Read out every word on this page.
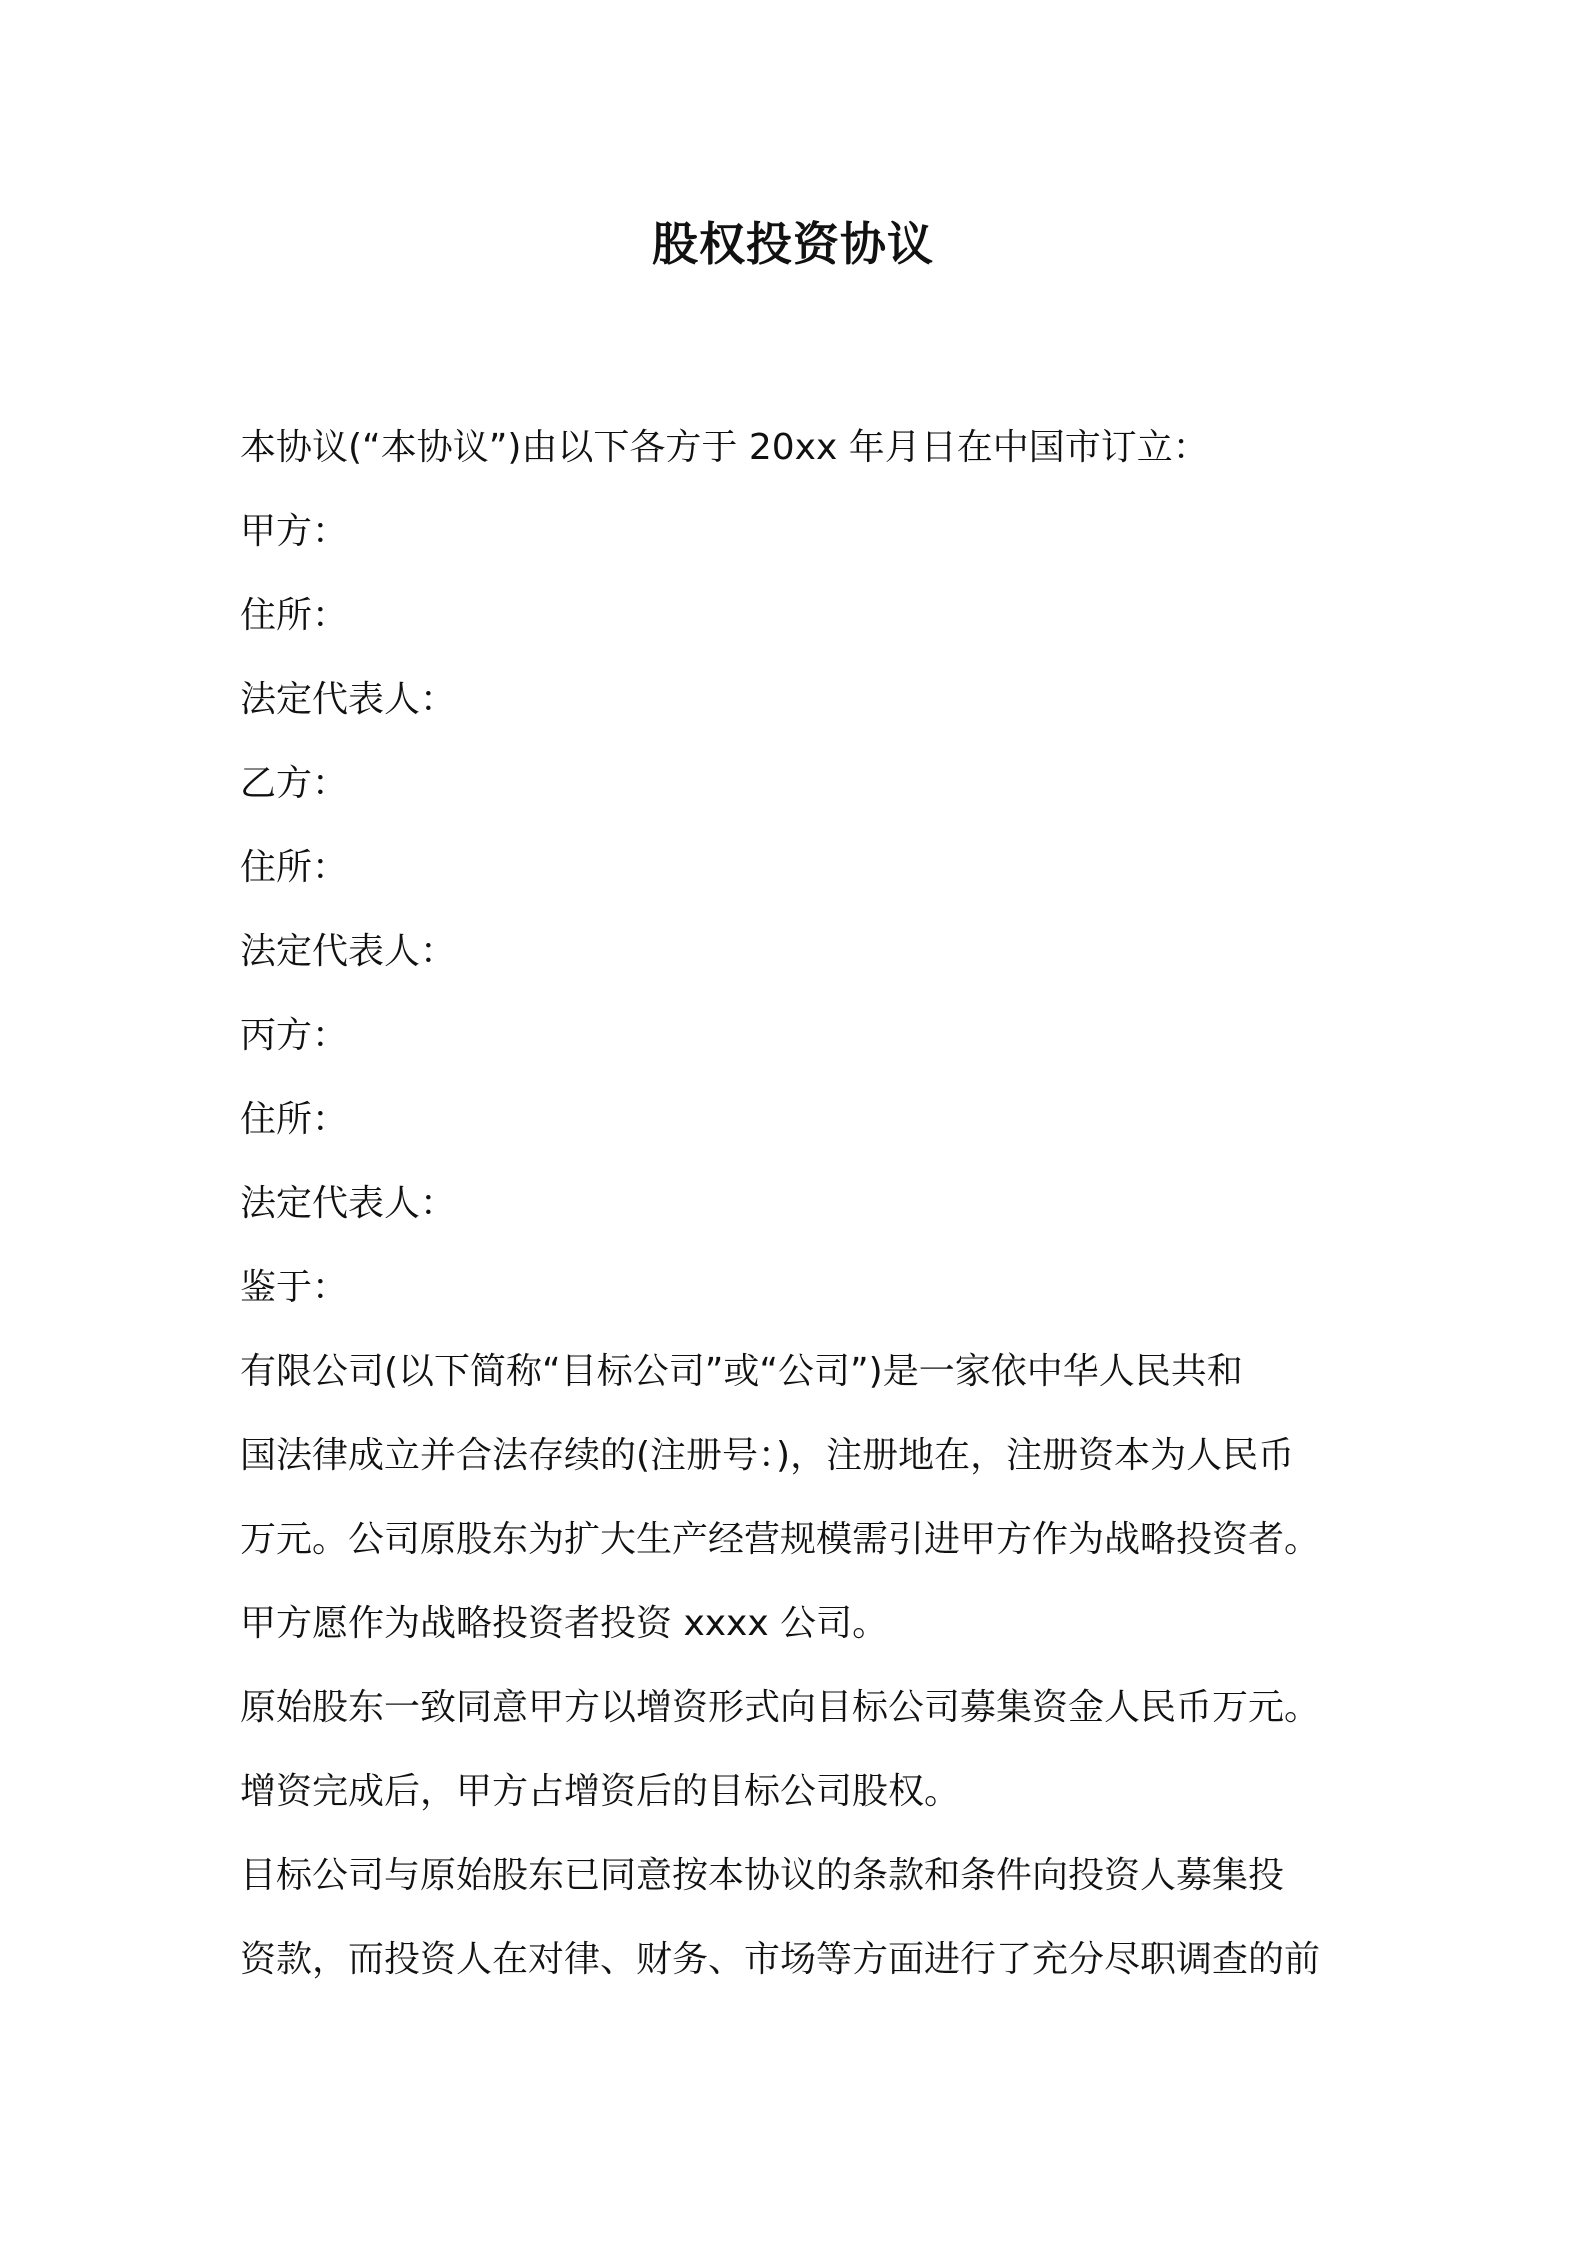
股权投资协议
本协议(“本协议”)由以下各方于 20xx 年月日在中国市订立：
甲方：
住所：
法定代表人：
乙方：
住所：
法定代表人：
丙方：
住所：
法定代表人：
鉴于：
有限公司(以下简称“目标公司”或“公司”)是一家依中华人民共和
国法律成立并合法存续的(注册号：)，注册地在，注册资本为人民币
万元。公司原股东为扩大生产经营规模需引进甲方作为战略投资者。
甲方愿作为战略投资者投资 xxxx 公司。
原始股东一致同意甲方以增资形式向目标公司募集资金人民币万元。
增资完成后，甲方占增资后的目标公司股权。
目标公司与原始股东已同意按本协议的条款和条件向投资人募集投
资款，而投资人在对律、财务、市场等方面进行了充分尽职调查的前
